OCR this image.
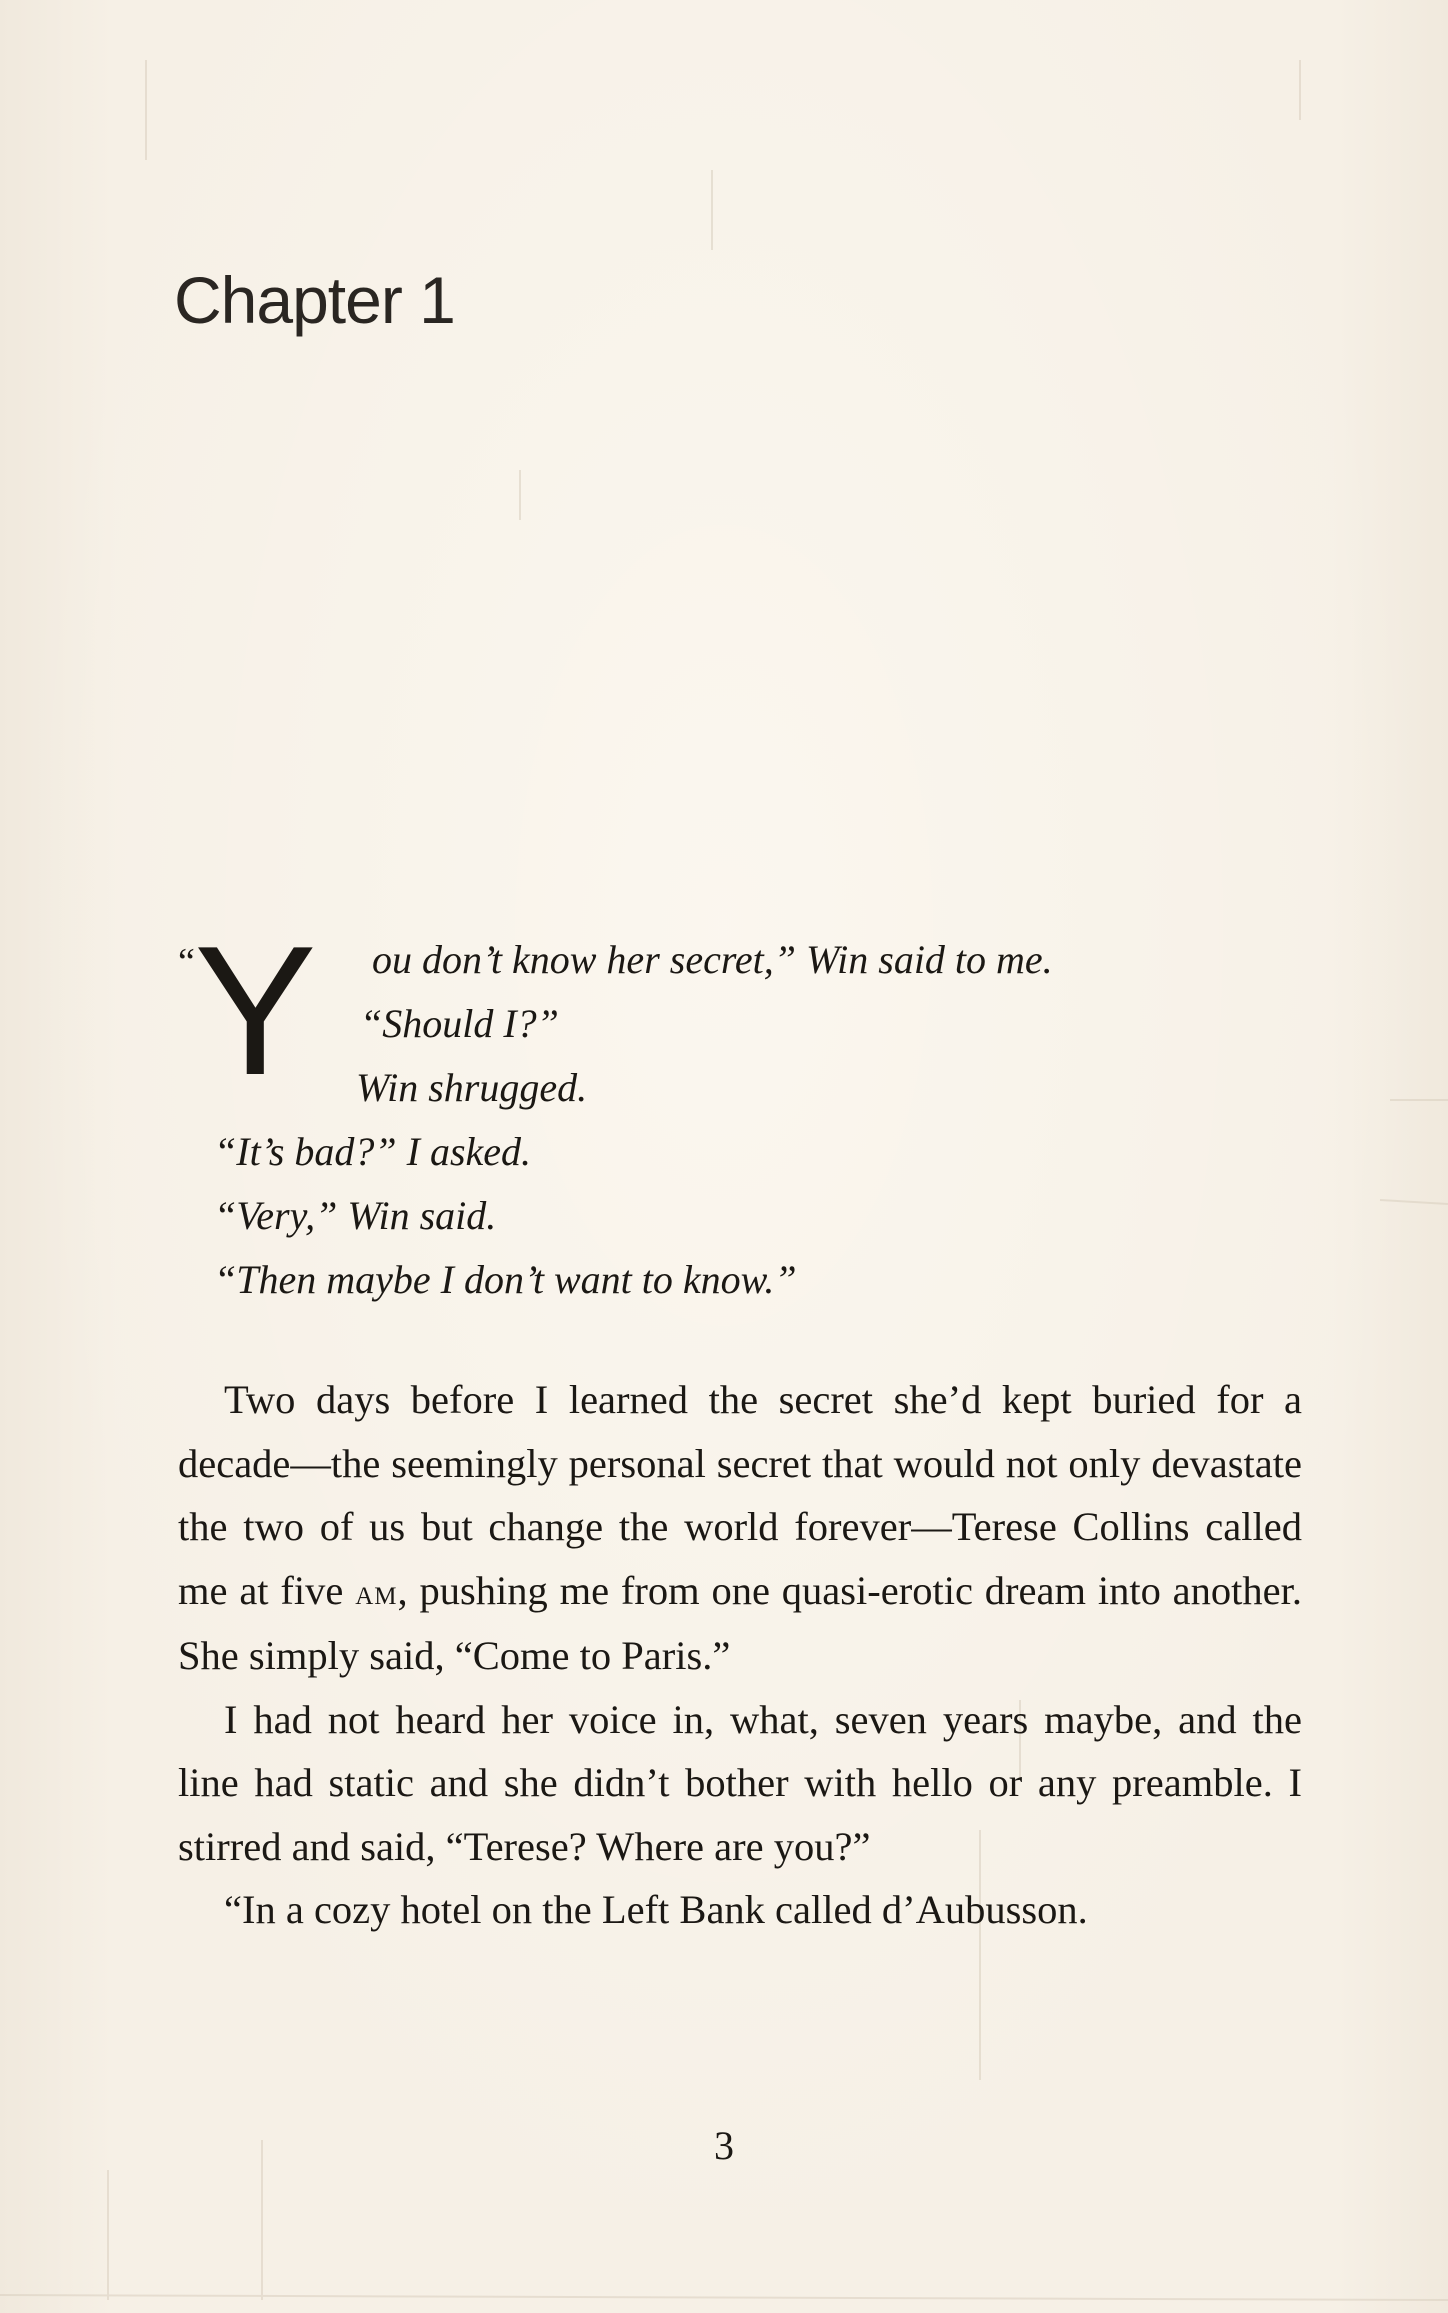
Chapter 1
“ Y ou don’t know her secret,” Win said to me.
“Should I?”
Win shrugged.
“It’s bad?” I asked.
“Very,” Win said.
“Then maybe I don’t want to know.”

Two days before I learned the secret she’d kept buried for a decade—the seemingly personal secret that would not only devastate the two of us but change the world forever—Terese Collins called me at five am, pushing me from one quasi-erotic dream into another. She simply said, “Come to Paris.”

I had not heard her voice in, what, seven years maybe, and the line had static and she didn’t bother with hello or any preamble. I stirred and said, “Terese? Where are you?”

“In a cozy hotel on the Left Bank called d’Aubusson.

3
